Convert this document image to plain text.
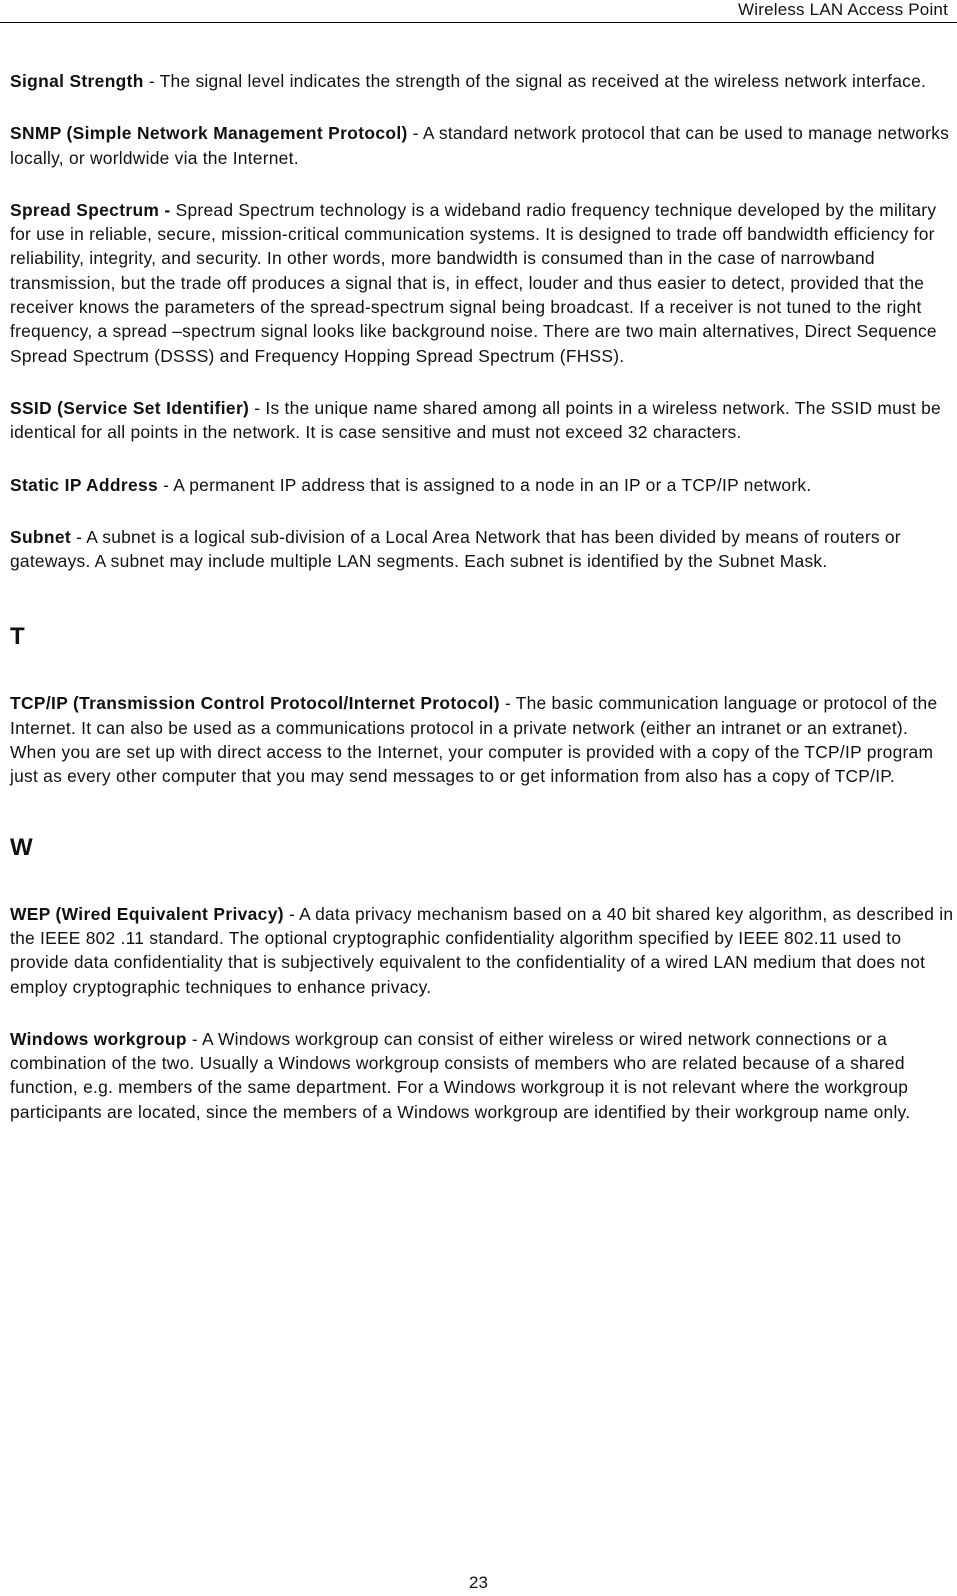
Wireless LAN Access Point

Signal Strength - The signal level indicates the strength of the signal as received at the wireless network interface.

SNMP (Simple Network Management Protocol) - A standard network protocol that can be used to manage networks locally, or worldwide via the Internet.

Spread Spectrum - Spread Spectrum technology is a wideband radio frequency technique developed by the military for use in reliable, secure, mission-critical communication systems. It is designed to trade off bandwidth efficiency for reliability, integrity, and security. In other words, more bandwidth is consumed than in the case of narrowband transmission, but the trade off produces a signal that is, in effect, louder and thus easier to detect, provided that the receiver knows the parameters of the spread-spectrum signal being broadcast. If a receiver is not tuned to the right frequency, a spread –spectrum signal looks like background noise. There are two main alternatives, Direct Sequence Spread Spectrum (DSSS) and Frequency Hopping Spread Spectrum (FHSS).

SSID (Service Set Identifier) - Is the unique name shared among all points in a wireless network. The SSID must be identical for all points in the network. It is case sensitive and must not exceed 32 characters.

Static IP Address - A permanent IP address that is assigned to a node in an IP or a TCP/IP network.

Subnet - A subnet is a logical sub-division of a Local Area Network that has been divided by means of routers or gateways. A subnet may include multiple LAN segments. Each subnet is identified by the Subnet Mask.

T

TCP/IP (Transmission Control Protocol/Internet Protocol) - The basic communication language or protocol of the Internet. It can also be used as a communications protocol in a private network (either an intranet or an extranet). When you are set up with direct access to the Internet, your computer is provided with a copy of the TCP/IP program just as every other computer that you may send messages to or get information from also has a copy of TCP/IP.

W

WEP (Wired Equivalent Privacy) - A data privacy mechanism based on a 40 bit shared key algorithm, as described in the IEEE 802 .11 standard. The optional cryptographic confidentiality algorithm specified by IEEE 802.11 used to provide data confidentiality that is subjectively equivalent to the confidentiality of a wired LAN medium that does not employ cryptographic techniques to enhance privacy.

Windows workgroup - A Windows workgroup can consist of either wireless or wired network connections or a combination of the two. Usually a Windows workgroup consists of members who are related because of a shared function, e.g. members of the same department. For a Windows workgroup it is not relevant where the workgroup participants are located, since the members of a Windows workgroup are identified by their workgroup name only.

23
